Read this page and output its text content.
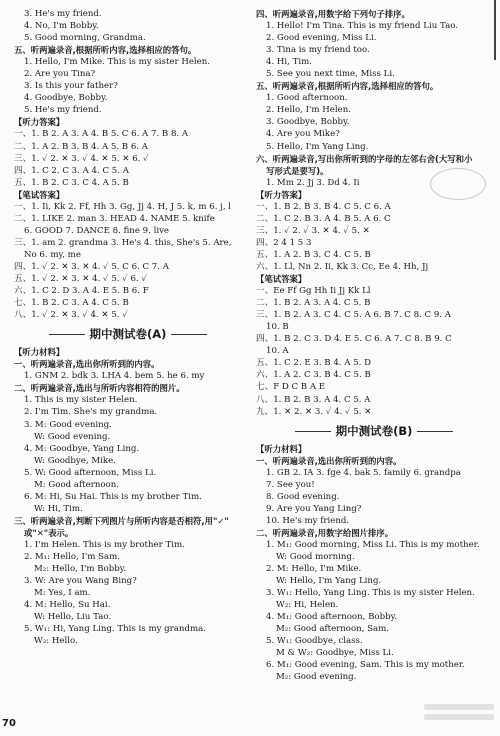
3. He's my friend.
4. No, I'm Bobby.
5. Good morning, Grandma.
五、听两遍录音,根据所听内容,选择相应的答句。
1. Hello, I'm Mike. This is my sister Helen.
2. Are you Tina?
3. Is this your father?
4. Goodbye, Bobby.
5. He's my friend.
【听力答案】
一、1. B 2. A 3. A 4. B 5. C 6. A 7. B 8. A
二、1. A 2. B 3. B 4. A 5. B 6. A
三、1. ✓ 2. ✕ 3. ✓ 4. ✕ 5. ✕ 6. ✓
四、1. C 2. C 3. A 4. C 5. A
五、1. B 2. C 3. C 4. A 5. B
【笔试答案】
一、1. Ii, Kk 2. Ff, Hh 3. Gg, Jj 4. H, J 5. k, m 6. j, l
二、1. LIKE 2. man 3. HEAD 4. NAME 5. knife
6. GOOD 7. DANCE 8. fine 9. live
三、1. am 2. grandma 3. He's 4. this, She's 5. Are,
No 6. my, me
四、1. ✓ 2. ✕ 3. ✕ 4. ✓ 5. C 6. C 7. A
五、1. ✓ 2. ✕ 3. ✕ 4. ✓ 5. ✓ 6. ✓
六、1. C 2. D 3. A 4. E 5. B 6. F
七、1. B 2. C 3. A 4. C 5. B
八、1. ✓ 2. ✕ 3. ✓ 4. ✕ 5. ✓
期中测试卷(A)
【听力材料】
一、听两遍录音,选出你所听到的内容。
1. GNM 2. bdk 3. LHA 4. bem 5. he 6. my
二、听两遍录音,选出与所听内容相符的图片。
1. This is my sister Helen.
2. I'm Tim. She's my grandma.
3. M: Good evening.
W: Good evening.
4. M: Goodbye, Yang Ling.
W: Goodbye, Mike.
5. W: Good afternoon, Miss Li.
M: Good afternoon.
6. M: Hi, Su Hai. This is my brother Tim.
W: Hi, Tim.
三、听两遍录音,判断下列图片与所听内容是否相符,用"✓"
或"✕"表示。
1. I'm Helen. This is my brother Tim.
2. M₁: Hello, I'm Sam.
M₂: Hello, I'm Bobby.
3. W: Are you Wang Bing?
M: Yes, I am.
4. M: Hello, Su Hai.
W: Hello, Liu Tao.
5. W₁: Hi, Yang Ling. This is my grandma.
W₂: Hello.
四、听两遍录音,用数字给下列句子排序。
1. Hello! I'm Tina. This is my friend Liu Tao.
2. Good evening, Miss Li.
3. Tina is my friend too.
4. Hi, Tim.
5. See you next time, Miss Li.
五、听两遍录音,根据所听内容,选择相应的答句。
1. Good afternoon.
2. Hello, I'm Helen.
3. Goodbye, Bobby.
4. Are you Mike?
5. Hello, I'm Yang Ling.
六、听两遍录音,写出你所听到的字母的左邻右舍(大写和小
写形式是要写)。
1. Mm 2. Jj 3. Dd 4. Ii
【听力答案】
一、1. B 2. B 3. B 4. C 5. C 6. A
二、1. C 2. B 3. A 4. B 5. A 6. C
三、1. ✓ 2. ✓ 3. ✕ 4. ✓ 5. ✕
四、2 4 1 5 3
五、1. A 2. B 3. C 4. C 5. B
六、1. Ll, Nn 2. Ii, Kk 3. Cc, Ee 4. Hh, Jj
【笔试答案】
一、Ee Ff Gg Hh Ii Jj Kk Ll
二、1. B 2. A 3. A 4. C 5. B
三、1. B 2. A 3. C 4. C 5. A 6. B 7. C 8. C 9. A
10. B
四、1. B 2. C 3. D 4. E 5. C 6. A 7. C 8. B 9. C
10. A
五、1. C 2. E 3. B 4. A 5. D
六、1. A 2. C 3. B 4. C 5. B
七、F D C B A E
八、1. B 2. B 3. A 4. C 5. A
九、1. ✕ 2. ✕ 3. ✓ 4. ✓ 5. ✕
期中测试卷(B)
【听力材料】
一、听两遍录音,选出你所听到的内容。
1. GB 2. IA 3. fge 4. bak 5. family 6. grandpa
7. See you!
8. Good evening.
9. Are you Yang Ling?
10. He's my friend.
二、听两遍录音,用数字给图片排序。
1. M₁: Good morning, Miss Li. This is my mother.
W: Good morning.
2. M: Hello, I'm Mike.
W: Hello, I'm Yang Ling.
3. W₁: Hello, Yang Ling. This is my sister Helen.
W₂: Hi, Helen.
4. M₁: Good afternoon, Bobby.
M₂: Good afternoon, Sam.
5. W₁: Goodbye, class.
M & W₂: Goodbye, Miss Li.
6. M₁: Good evening, Sam. This is my mother.
M₂: Good evening.
70
